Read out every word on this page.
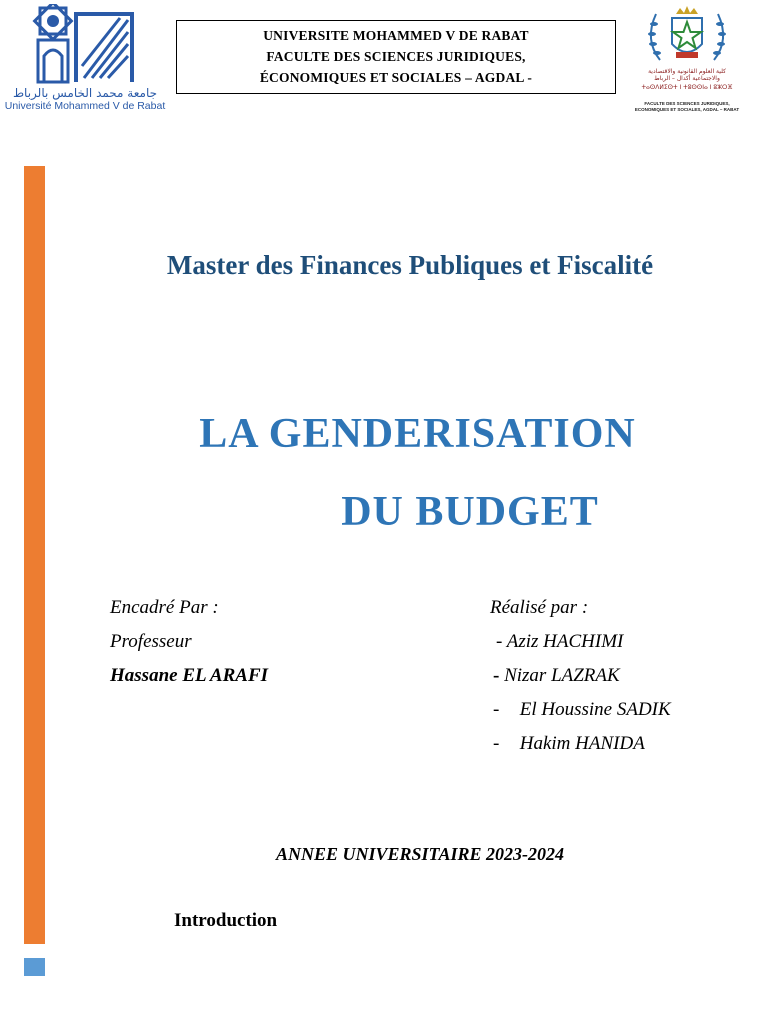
جامعة محمد الخامس بالرباط
Université Mohammed V de Rabat
UNIVERSITE MOHAMMED V DE RABAT
FACULTE DES SCIENCES JURIDIQUES,
ÉCONOMIQUES ET SOCIALES – AGDAL -	كلية العلوم القانونية والاقتصادية
والاجتماعية أكدال – الرباط
ⵜⴰⵙⴷⵍⵉⵙⵜ ⵏ ⵜⵓⵙⵙⵏⴰ ⵏ ⵓⵣⵔⴼ
FACULTE DES SCIENCES JURIDIQUES,
ECONOMIQUES ET SOCIALES, AGDAL – RABAT
Master des Finances Publiques et Fiscalité
LA GENDERISATION
DU BUDGET
Encadré Par :
Professeur
Hassane EL ARAFI
Réalisé par :
- Aziz HACHIMI
- Nizar LAZRAK
- El Houssine SADIK
- Hakim HANIDA
ANNEE UNIVERSITAIRE 2023-2024
Introduction
